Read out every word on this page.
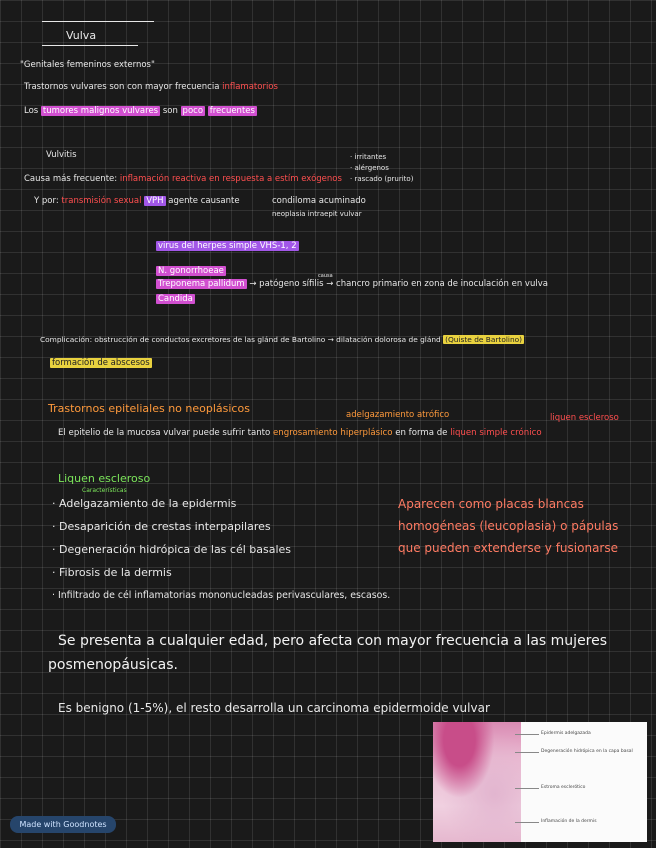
Vulva
"Genitales femeninos externos"
Trastornos vulvares son con mayor frecuencia inflamatorios
Los tumores malignos vulvares son poco frecuentes
Vulvitis	· irritantes
· alérgenos
· rascado (prurito)
Causa más frecuente: inflamación reactiva en respuesta a estím exógenos
Y por: transmisión sexual VPH agente causante	condiloma acuminado
neoplasia intraepit vulvar
virus del herpes simple VHS-1, 2
N. gonorrhoeae	causa
Treponema pallidum → patógeno sífilis → chancro primario en zona de inoculación en vulva
Candida
Complicación: obstrucción de conductos excretores de las glánd de Bartolino → dilatación dolorosa de glánd (Quiste de Bartolino)
formación de abscesos
Trastornos epiteliales no neoplásicos	adelgazamiento atrófico	liquen escleroso
El epitelio de la mucosa vulvar puede sufrir tanto engrosamiento hiperplásico en forma de liquen simple crónico
Liquen escleroso
Características
· Adelgazamiento de la epidermis
· Desaparición de crestas interpapilares
· Degeneración hidrópica de las cél basales
· Fibrosis de la dermis
· Infiltrado de cél inflamatorias mononucleadas perivasculares, escasos.
Aparecen como placas blancas
homogéneas (leucoplasia) o pápulas
que pueden extenderse y fusionarse
Se presenta a cualquier edad, pero afecta con mayor frecuencia a las mujeres
posmenopáusicas.
Es benigno (1-5%), el resto desarrolla un carcinoma epidermoide vulvar
Epidermis adelgazada
Degeneración hidrópica en la capa basal
Estroma esclerótico
Inflamación de la dermis
Made with Goodnotes
